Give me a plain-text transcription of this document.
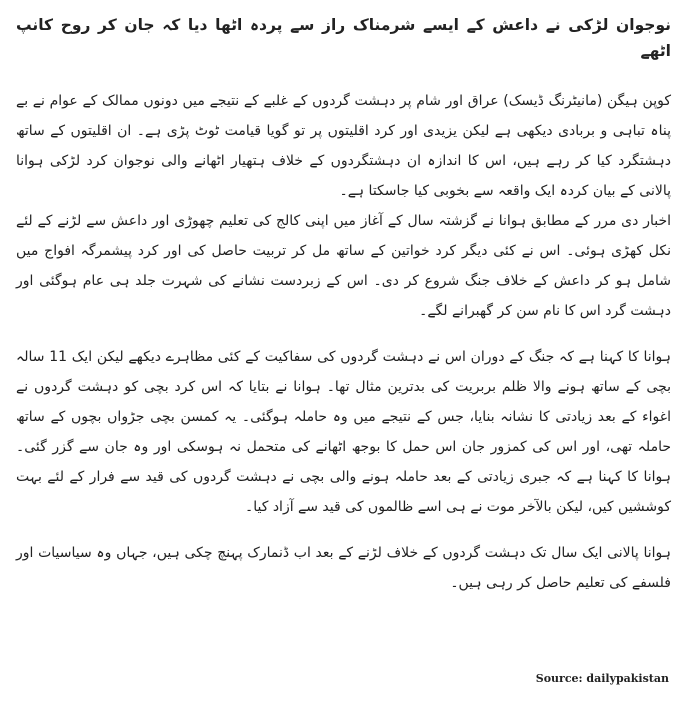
نوجوان لڑکی نے داعش کے ایسے شرمناک راز سے پردہ اٹھا دیا کہ جان کر روح کانپ اٹھے

کوپن ہیگن (مانیٹرنگ ڈیسک) عراق اور شام پر دہشت گردوں کے غلبے کے نتیجے میں دونوں ممالک کے عوام نے بے پناہ تباہی و بربادی دیکھی ہے لیکن یزیدی اور کرد اقلیتوں پر تو گویا قیامت ٹوٹ پڑی ہے۔ ان اقلیتوں کے ساتھ دہشتگرد کیا کر رہے ہیں، اس کا اندازہ ان دہشتگردوں کے خلاف ہتھیار اٹھانے والی نوجوان کرد لڑکی ہوانا پالانی کے بیان کردہ ایک واقعہ سے بخوبی کیا جاسکتا ہے۔

اخبار دی مرر کے مطابق ہوانا نے گزشتہ سال کے آغاز میں اپنی کالج کی تعلیم چھوڑی اور داعش سے لڑنے کے لئے نکل کھڑی ہوئی۔ اس نے کئی دیگر کرد خواتین کے ساتھ مل کر تربیت حاصل کی اور کرد پیشمرگہ افواج میں شامل ہو کر داعش کے خلاف جنگ شروع کر دی۔ اس کے زبردست نشانے کی شہرت جلد ہی عام ہوگئی اور دہشت گرد اس کا نام سن کر گھبرانے لگے۔

ہوانا کا کہنا ہے کہ جنگ کے دوران اس نے دہشت گردوں کی سفاکیت کے کئی مظاہرے دیکھے لیکن ایک 11 سالہ بچی کے ساتھ ہونے والا ظلم بربریت کی بدترین مثال تھا۔ ہوانا نے بتایا کہ اس کرد بچی کو دہشت گردوں نے اغواء کے بعد زیادتی کا نشانہ بنایا، جس کے نتیجے میں وہ حاملہ ہوگئی۔ یہ کمسن بچی جڑواں بچوں کے ساتھ حاملہ تھی، اور اس کی کمزور جان اس حمل کا بوجھ اٹھانے کی متحمل نہ ہوسکی اور وہ جان سے گزر گئی۔ ہوانا کا کہنا ہے کہ جبری زیادتی کے بعد حاملہ ہونے والی بچی نے دہشت گردوں کی قید سے فرار کے لئے بہت کوششیں کیں، لیکن بالآخر موت نے ہی اسے ظالموں کی قید سے آزاد کیا۔

ہوانا پالانی ایک سال تک دہشت گردوں کے خلاف لڑنے کے بعد اب ڈنمارک پہنچ چکی ہیں، جہاں وہ سیاسیات اور فلسفے کی تعلیم حاصل کر رہی ہیں۔

Source: dailypakistan
